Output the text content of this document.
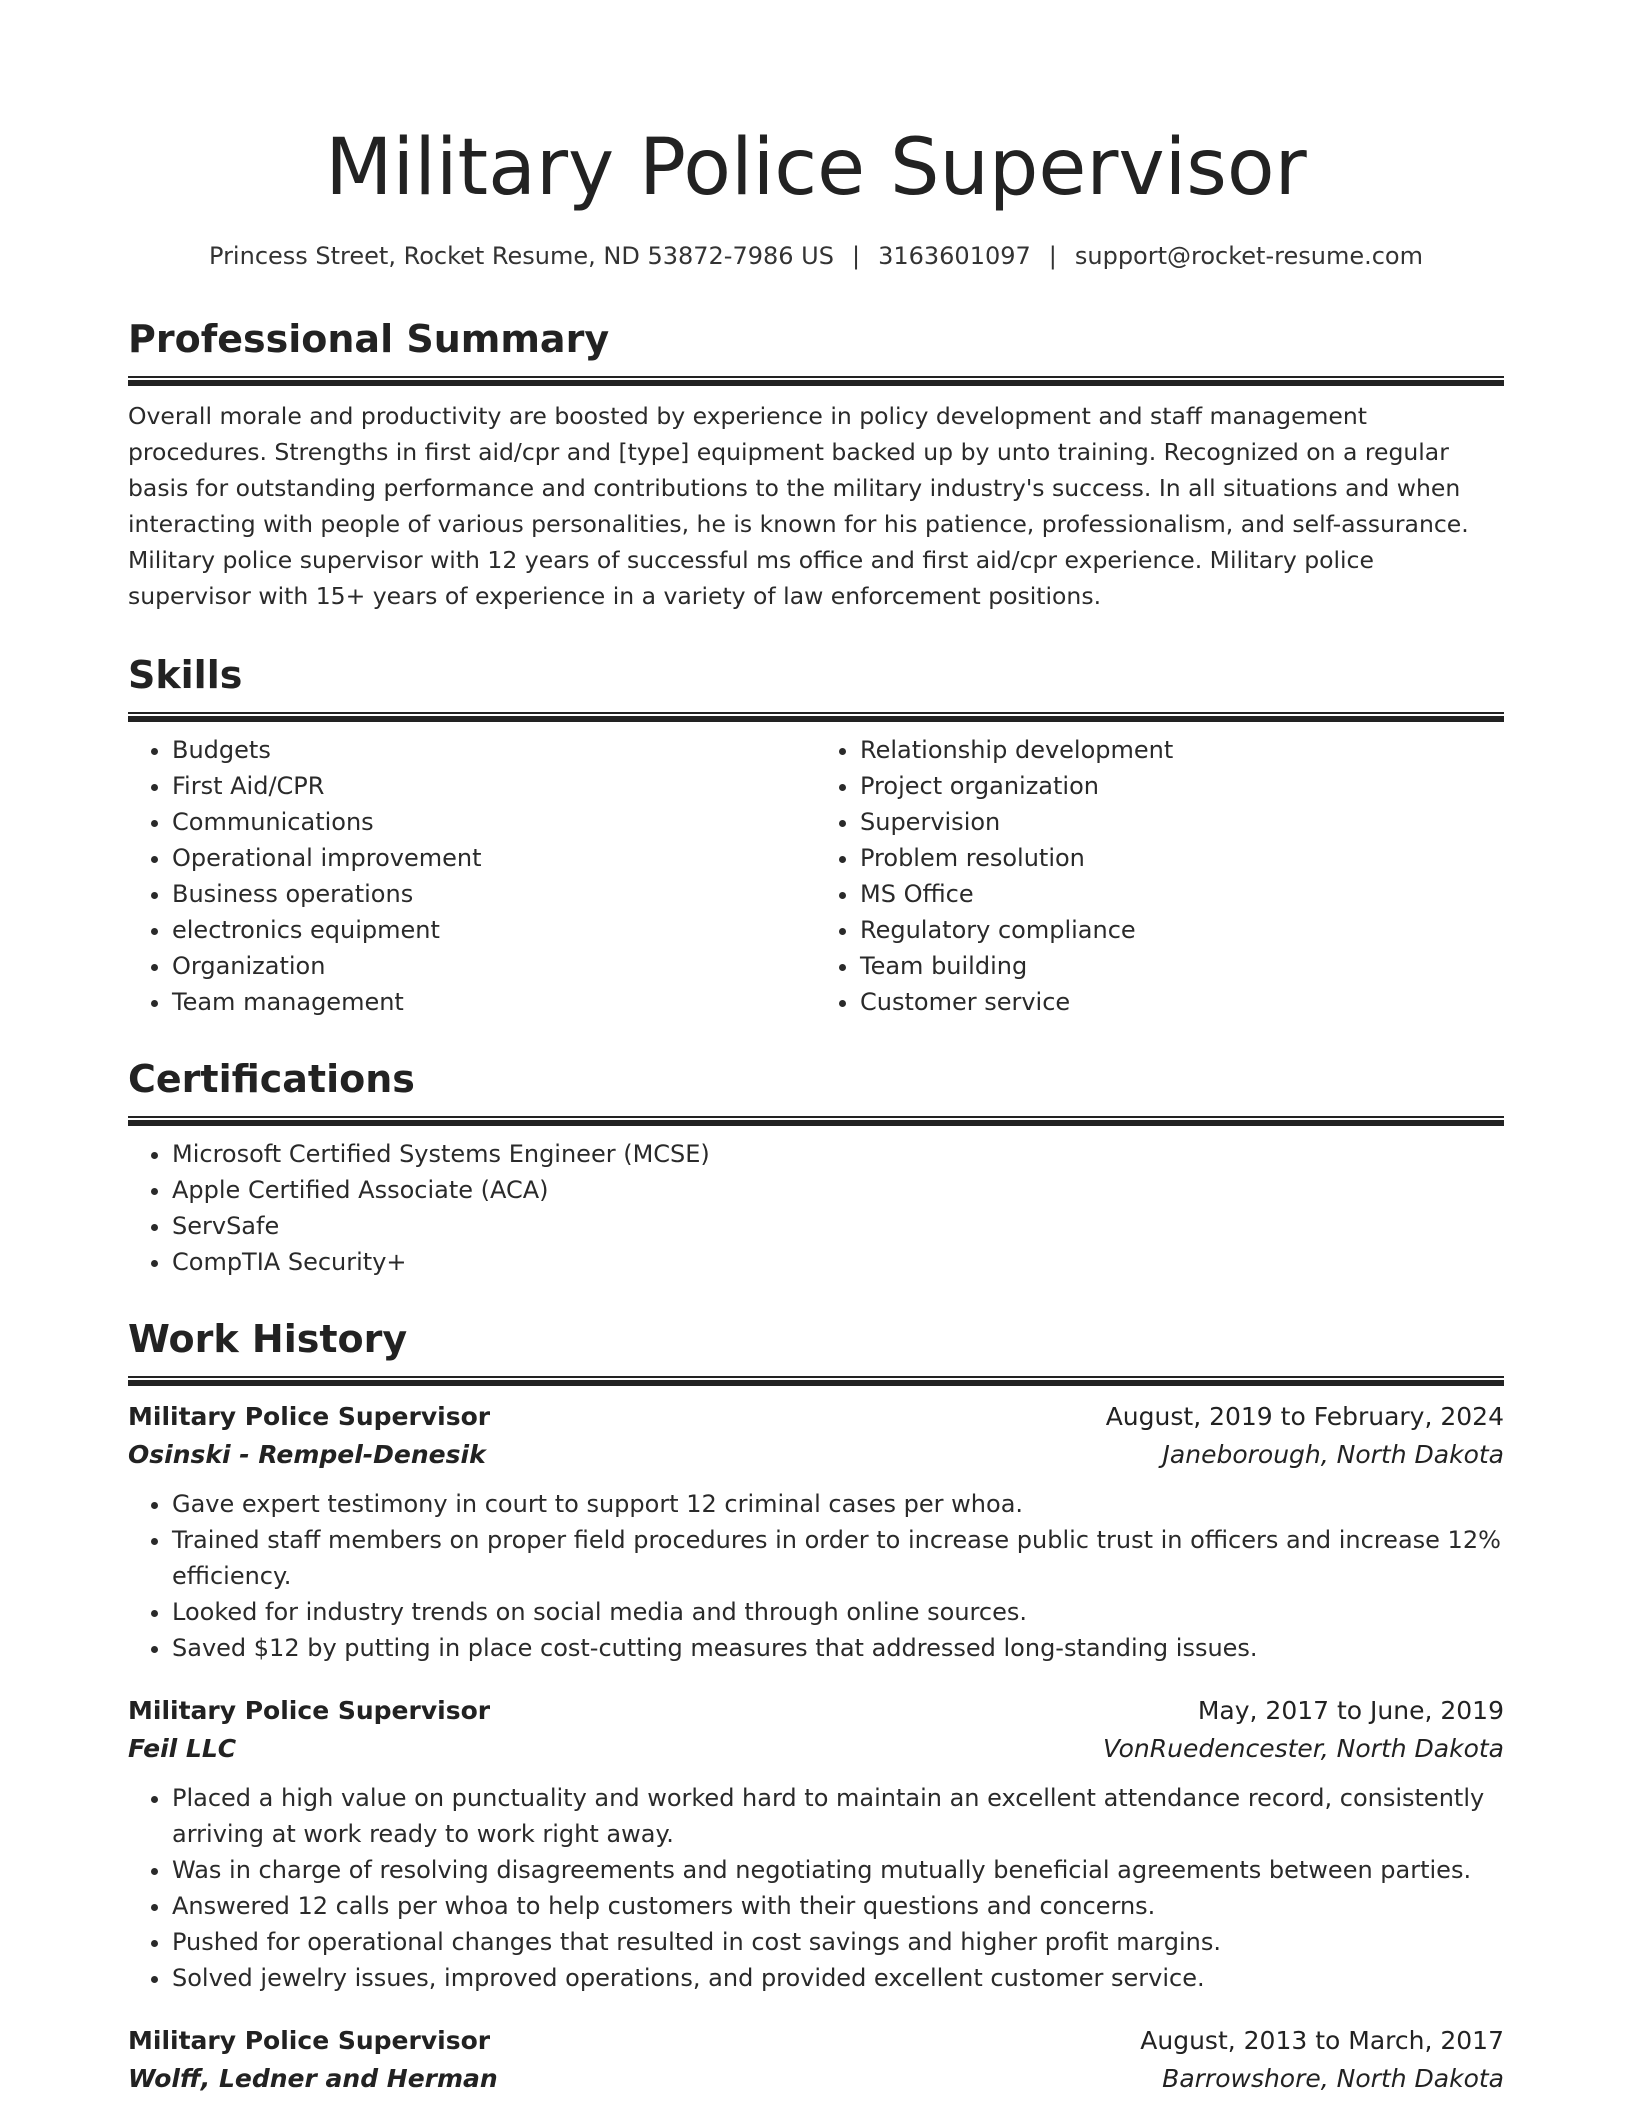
Military Police Supervisor
Princess Street, Rocket Resume, ND 53872-7986 US | 3163601097 | support@rocket-resume.com
Professional Summary
Overall morale and productivity are boosted by experience in policy development and staff management procedures. Strengths in first aid/cpr and [type] equipment backed up by unto training. Recognized on a regular basis for outstanding performance and contributions to the military industry's success. In all situations and when interacting with people of various personalities, he is known for his patience, professionalism, and self-assurance. Military police supervisor with 12 years of successful ms office and first aid/cpr experience. Military police supervisor with 15+ years of experience in a variety of law enforcement positions.
Skills
• Budgets
• First Aid/CPR
• Communications
• Operational improvement
• Business operations
• electronics equipment
• Organization
• Team management
• Relationship development
• Project organization
• Supervision
• Problem resolution
• MS Office
• Regulatory compliance
• Team building
• Customer service
Certifications
• Microsoft Certified Systems Engineer (MCSE)
• Apple Certified Associate (ACA)
• ServSafe
• CompTIA Security+
Work History
Military Police Supervisor	August, 2019 to February, 2024
Osinski - Rempel-Denesik	Janeborough, North Dakota
• Gave expert testimony in court to support 12 criminal cases per whoa.
• Trained staff members on proper field procedures in order to increase public trust in officers and increase 12% efficiency.
• Looked for industry trends on social media and through online sources.
• Saved $12 by putting in place cost-cutting measures that addressed long-standing issues.
Military Police Supervisor	May, 2017 to June, 2019
Feil LLC	VonRuedencester, North Dakota
• Placed a high value on punctuality and worked hard to maintain an excellent attendance record, consistently arriving at work ready to work right away.
• Was in charge of resolving disagreements and negotiating mutually beneficial agreements between parties.
• Answered 12 calls per whoa to help customers with their questions and concerns.
• Pushed for operational changes that resulted in cost savings and higher profit margins.
• Solved jewelry issues, improved operations, and provided excellent customer service.
Military Police Supervisor	August, 2013 to March, 2017
Wolff, Ledner and Herman	Barrowshore, North Dakota
